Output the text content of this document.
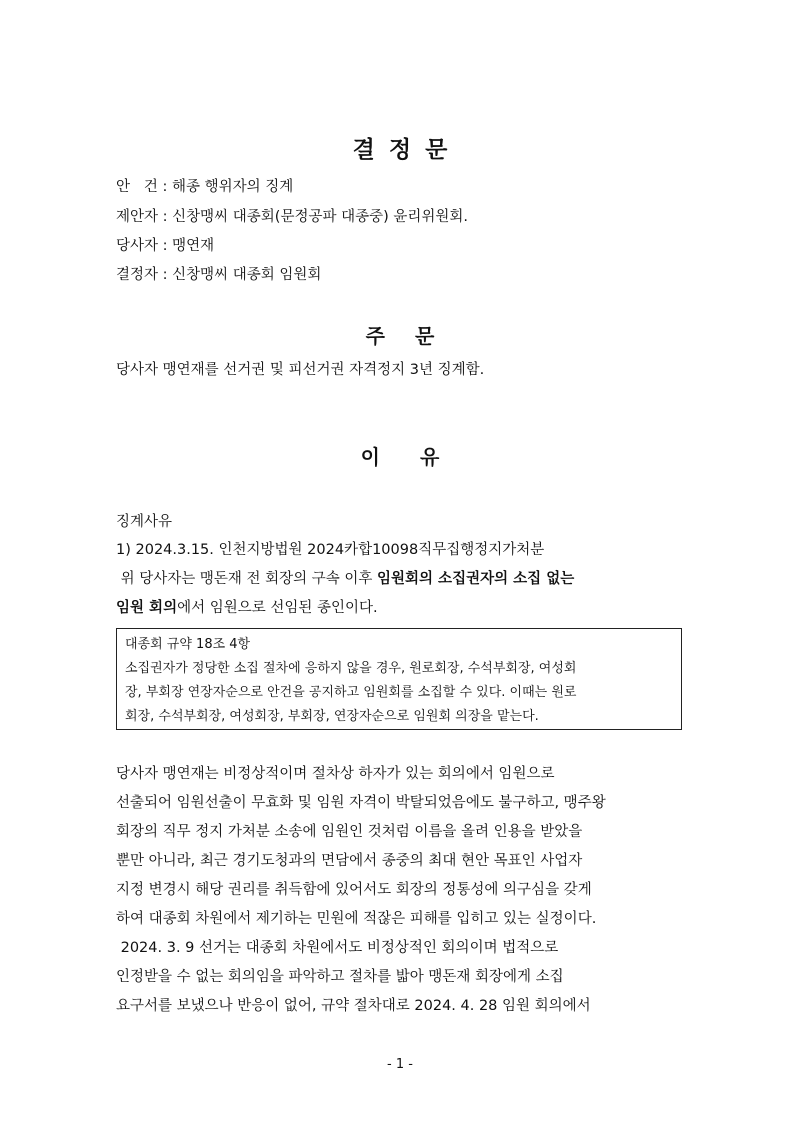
결정문
안   건 : 해종 행위자의 징계
제안자 : 신창맹씨 대종회(문정공파 대종중) 윤리위원회.
당사자 : 맹연재
결정자 : 신창맹씨 대종회 임원회
주문
당사자 맹연재를 선거권 및 피선거권 자격정지 3년 징계함.
이유
징계사유
1) 2024.3.15. 인천지방법원 2024카합10098직무집행정지가처분
위 당사자는 맹돈재 전 회장의 구속 이후 임원회의 소집권자의 소집 없는
임원 회의에서 임원으로 선임된 종인이다.
대종회 규약 18조 4항
소집권자가 정당한 소집 절차에 응하지 않을 경우, 원로회장, 수석부회장, 여성회
장, 부회장 연장자순으로 안건을 공지하고 임원회를 소집할 수 있다. 이때는 원로
회장, 수석부회장, 여성회장, 부회장, 연장자순으로 임원회 의장을 맡는다.
당사자 맹연재는 비정상적이며 절차상 하자가 있는 회의에서 임원으로
선출되어 임원선출이 무효화 및 임원 자격이 박탈되었음에도 불구하고, 맹주왕
회장의 직무 정지 가처분 소송에 임원인 것처럼 이름을 올려 인용을 받았을
뿐만 아니라, 최근 경기도청과의 면담에서 종중의 최대 현안 목표인 사업자
지정 변경시 해당 권리를 취득함에 있어서도 회장의 정통성에 의구심을 갖게
하여 대종회 차원에서 제기하는 민원에 적잖은 피해를 입히고 있는 실정이다.
2024. 3. 9 선거는 대종회 차원에서도 비정상적인 회의이며 법적으로
인정받을 수 없는 회의임을 파악하고 절차를 밟아 맹돈재 회장에게 소집
요구서를 보냈으나 반응이 없어, 규약 절차대로 2024. 4. 28 임원 회의에서
- 1 -
